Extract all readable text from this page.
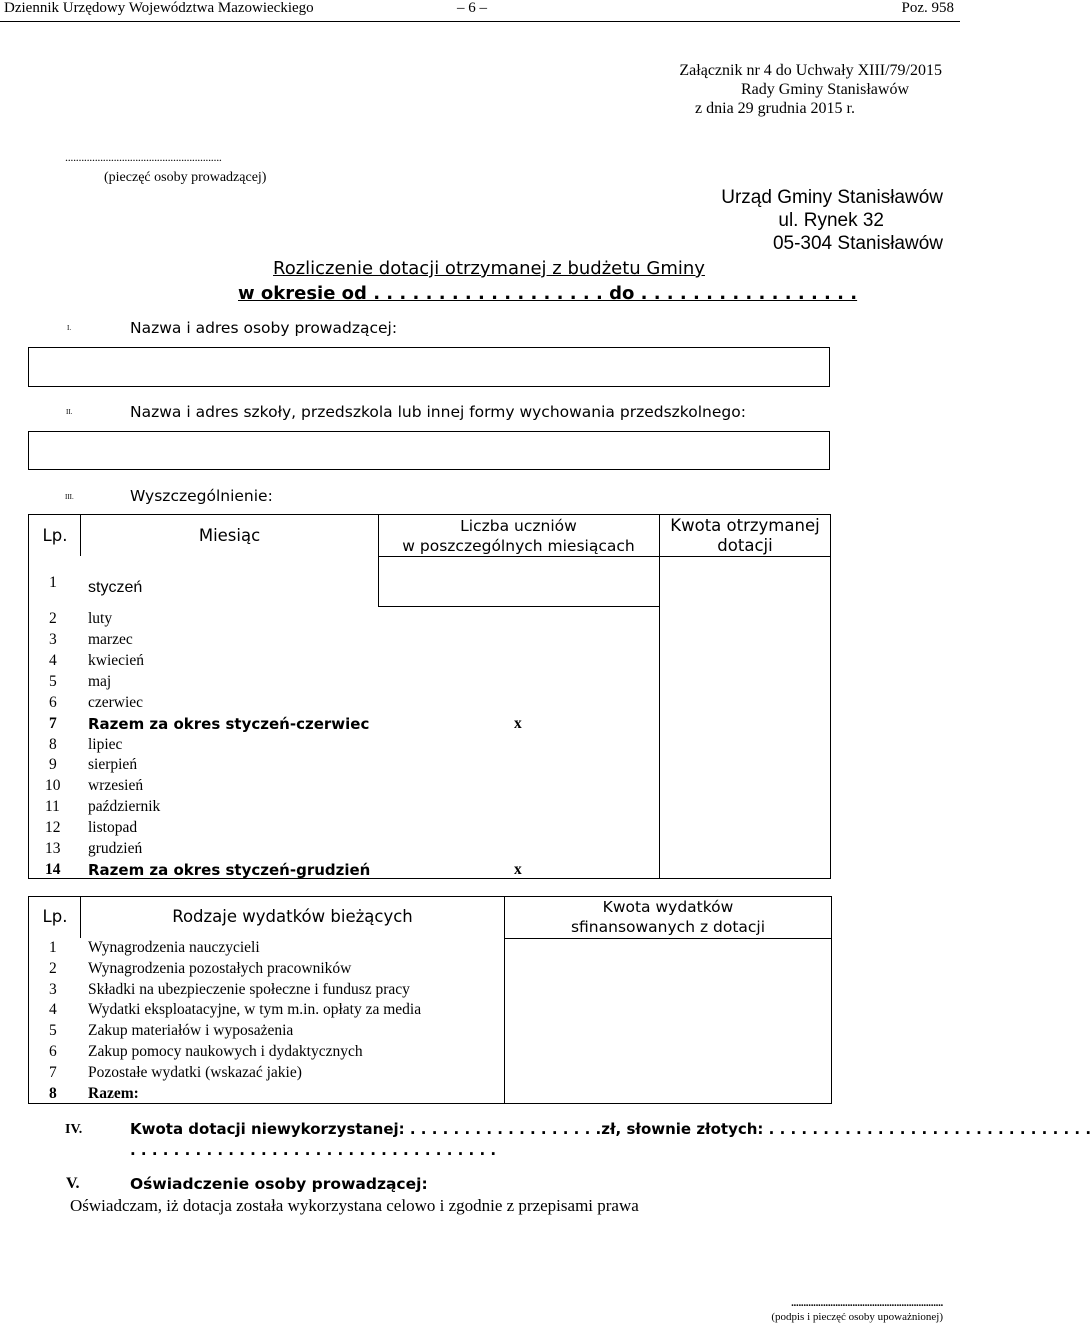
Dziennik Urzędowy Województwa Mazowieckiego	– 6 –	Poz. 958
Załącznik nr 4 do Uchwały XIII/79/2015
Rady Gminy Stanisławów
z dnia 29 grudnia 2015 r.
..........................................................
(pieczęć osoby prowadzącej)
Urząd Gminy Stanisławów
ul. Rynek 32
05-304 Stanisławów
Rozliczenie dotacji otrzymanej z budżetu Gminy
w okresie od . . . . . . . . . . . . . . . . . . do . . . . . . . . . . . . . . . . .
I.	Nazwa i adres osoby prowadzącej:
II.	Nazwa i adres szkoły, przedszkola lub innej formy wychowania przedszkolnego:
III.	Wyszczególnienie:
Lp.	Miesiąc	Liczba uczniów
w poszczególnych miesiącach
Kwota otrzymanej
dotacji
1 styczeń
2 luty
3 marzec
4 kwiecień
5 maj
6 czerwiec
7 Razem za okres styczeń-czerwiec	x
8 lipiec
9 sierpień
10 wrzesień
11 październik
12 listopad
13 grudzień
14 Razem za okres styczeń-grudzień	x
Lp.	Rodzaje wydatków bieżących	Kwota wydatków
sfinansowanych z dotacji
1 Wynagrodzenia nauczycieli
2 Wynagrodzenia pozostałych pracowników
3 Składki na ubezpieczenie społeczne i fundusz pracy
4 Wydatki eksploatacyjne, w tym m.in. opłaty za media
5 Zakup materiałów i wyposażenia
6 Zakup pomocy naukowych i dydaktycznych
7 Pozostałe wydatki (wskazać jakie)
8 Razem:
IV.	Kwota dotacji niewykorzystanej: . . . . . . . . . . . . . . . . . .zł, słownie złotych: . . . . . . . . . . . . . . . . . . . . . . . . . . . . . .
. . . . . . . . . . . . . . . . . . . . . . . . . . . . . . . . . .
V.	Oświadczenie osoby prowadzącej:
Oświadczam, iż dotacja została wykorzystana celowo i zgodnie z przepisami prawa
..............................................................
(podpis i pieczęć osoby upoważnionej)
